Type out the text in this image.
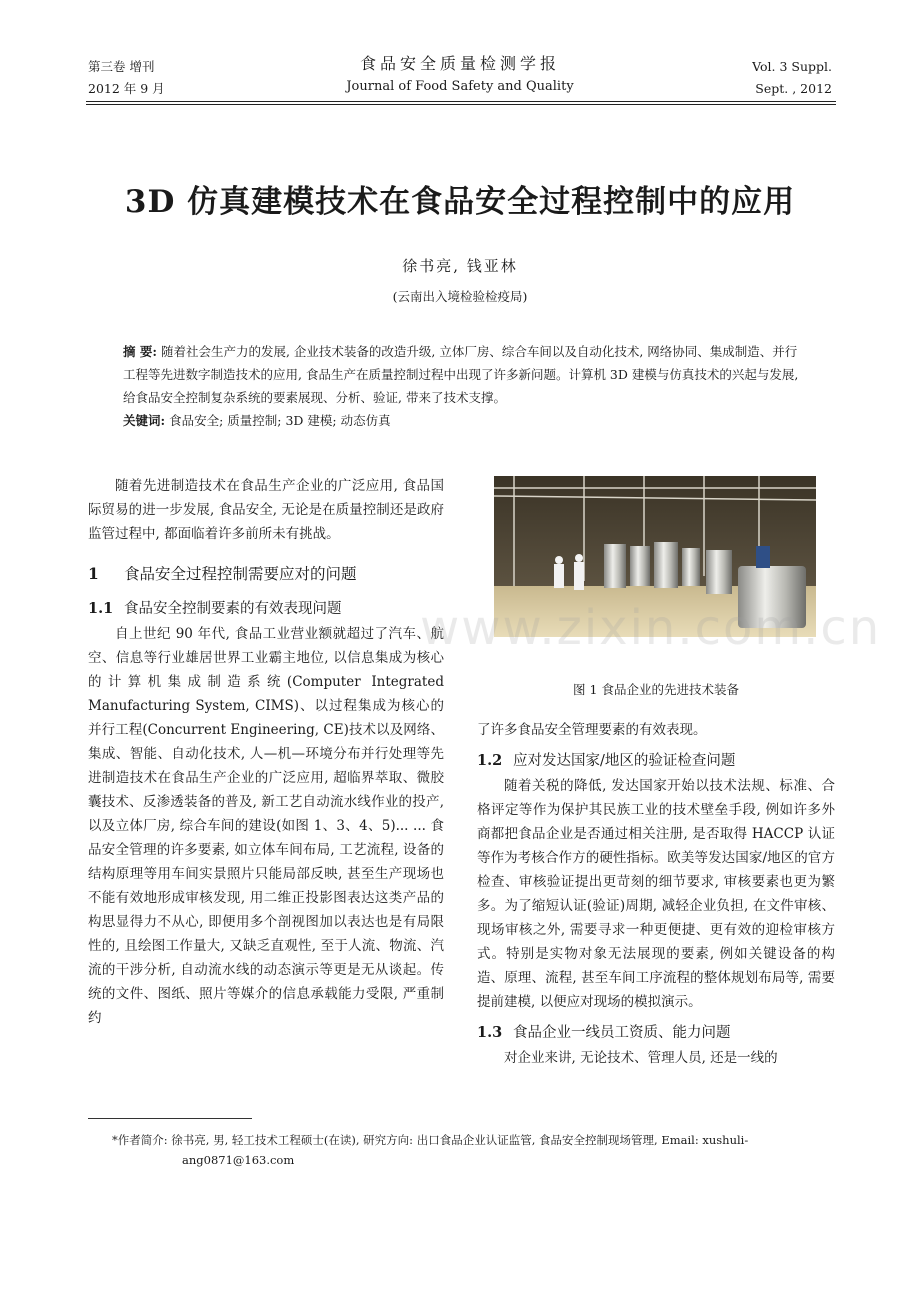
第三卷 增刊
2012 年 9 月
食品安全质量检测学报
Journal of Food Safety and Quality
Vol. 3 Suppl.
Sept. , 2012
3D 仿真建模技术在食品安全过程控制中的应用
徐书亮, 钱亚林
(云南出入境检验检疫局)
摘 要: 随着社会生产力的发展, 企业技术装备的改造升级, 立体厂房、综合车间以及自动化技术, 网络协同、集成制造、并行工程等先进数字制造技术的应用, 食品生产在质量控制过程中出现了许多新问题。计算机 3D 建模与仿真技术的兴起与发展, 给食品安全控制复杂系统的要素展现、分析、验证, 带来了技术支撑。
关键词: 食品安全; 质量控制; 3D 建模; 动态仿真

随着先进制造技术在食品生产企业的广泛应用, 食品国际贸易的进一步发展, 食品安全, 无论是在质量控制还是政府监管过程中, 都面临着许多前所未有挑战。

1 食品安全过程控制需要应对的问题
1.1 食品安全控制要素的有效表现问题

自上世纪 90 年代, 食品工业营业额就超过了汽车、航空、信息等行业雄居世界工业霸主地位, 以信息集成为核心的计算机集成制造系统(Computer Integrated Manufacturing System, CIMS)、以过程集成为核心的并行工程(Concurrent Engineering, CE)技术以及网络、集成、智能、自动化技术, 人—机—环境分布并行处理等先进制造技术在食品生产企业的广泛应用, 超临界萃取、微胶囊技术、反渗透装备的普及, 新工艺自动流水线作业的投产, 以及立体厂房, 综合车间的建设(如图 1、3、4、5)... ... 食品安全管理的许多要素, 如立体车间布局, 工艺流程, 设备的结构原理等用车间实景照片只能局部反映, 甚至生产现场也不能有效地形成审核发现, 用二维正投影图表达这类产品的构思显得力不从心, 即便用多个剖视图加以表达也是有局限性的, 且绘图工作量大, 又缺乏直观性, 至于人流、物流、汽流的干涉分析, 自动流水线的动态演示等更是无从谈起。传统的文件、图纸、照片等媒介的信息承载能力受限, 严重制约

图 1 食品企业的先进技术装备

了许多食品安全管理要素的有效表现。

1.2 应对发达国家/地区的验证检查问题

随着关税的降低, 发达国家开始以技术法规、标准、合格评定等作为保护其民族工业的技术壁垒手段, 例如许多外商都把食品企业是否通过相关注册, 是否取得 HACCP 认证等作为考核合作方的硬性指标。欧美等发达国家/地区的官方检查、审核验证提出更苛刻的细节要求, 审核要素也更为繁多。为了缩短认证(验证)周期, 减轻企业负担, 在文件审核、现场审核之外, 需要寻求一种更便捷、更有效的迎检审核方式。特别是实物对象无法展现的要素, 例如关键设备的构造、原理、流程, 甚至车间工序流程的整体规划布局等, 需要提前建模, 以便应对现场的模拟演示。

1.3 食品企业一线员工资质、能力问题

对企业来讲, 无论技术、管理人员, 还是一线的

www.zixin.com.cn
*作者简介: 徐书亮, 男, 轻工技术工程硕士(在读), 研究方向: 出口食品企业认证监管, 食品安全控制现场管理, Email: xushuli-
ang0871@163.com
